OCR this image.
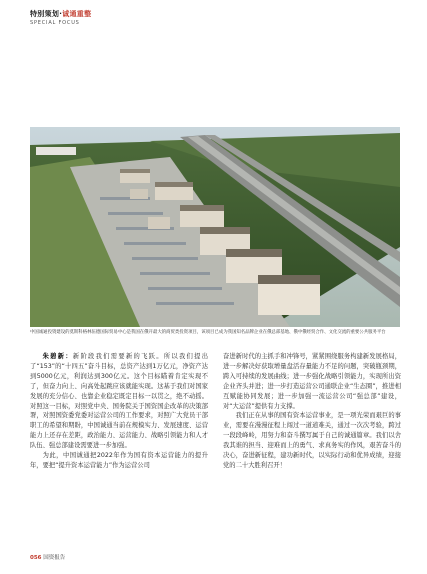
特别策划·诚通重整
SPECIAL FOCUS
中国诚通投资建设的莫斯科格林伍德国际贸易中心是我国在俄开最大的商贸类投资项目，该项目已成为我国知名品牌企业在俄总部基地、俄中俄经贸合作、文化交流的重要公共服务平台

朱碧新：新阶段我们需要新的飞跃。所以我们提出了“153”的“十四五”奋斗目标，总资产达到1万亿元，净资产达到5000亿元，利润达到300亿元。这个目标瞄着肯定实现不了，但奋力向上、向高处起跳应该就能实现。这基于我们对国家发展的充分信心、也靠企业稳定既定目标一以贯之，绝不动摇。对照这一目标，对照党中央、国务院关于国资国企改革的决策部署，对照国资委党委对运营公司的工作要求，对照广大党员干部职工的希望和期盼，中国诚通当前在规模实力、发展速度、运营能力上还存在差距，政治能力、运营能力、战略引领能力和人才队伍、强总部建设需要进一步加强。

为此，中国诚通把2022年作为国有资本运营能力的提升年，要把“提升资本运营能力”作为运营公司

奋进新时代的主抓手和冲锋号，紧紧围绕服务构建新发展格局，进一步解决好获取增量盘活存量能力不足的问题，突破瓶颈期，跨入可持续的发展曲线；进一步强化战略引领能力，实现所出资企业齐头并进；进一步打造运营公司通联企业“生态圈”，推进相互赋能协同发展；进一步加强一流运营公司“强总部”建设，对“大运营”提供有力支撑。

我们正在从事的国有资本运营事业，是一项光荣而艰巨的事业，需要在漫漫征程上闯过一道道难关，通过一次次考验，跨过一段段峰岭，用努力和奋斗撰写属于自己的诚通篇章。我们以舍我其谁的担当、迎难而上的勇气、求真务实的作风，艰苦奋斗的决心，奋进新征程，建功新时代，以实际行动和优异成绩，迎接党的二十大胜利召开！

056 国资报告
